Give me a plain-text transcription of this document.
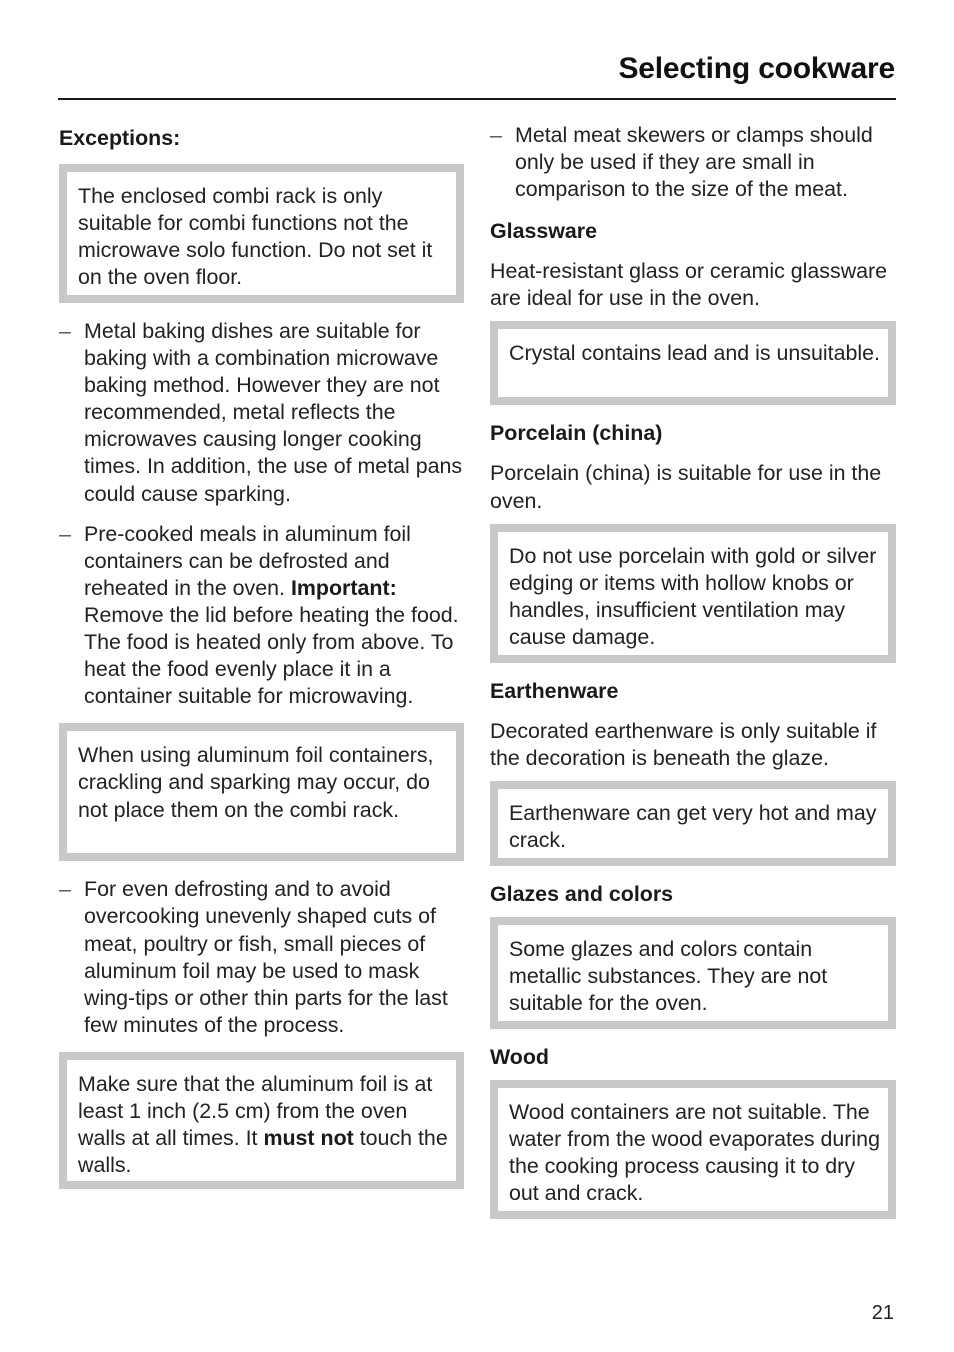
Selecting cookware
Exceptions:
The enclosed combi rack is only suitable for combi functions not the microwave solo function. Do not set it on the oven floor.
– Metal baking dishes are suitable for baking with a combination microwave baking method. However they are not recommended, metal reflects the microwaves causing longer cooking times. In addition, the use of metal pans could cause sparking.
– Pre-cooked meals in aluminum foil containers can be defrosted and reheated in the oven. Important:
Remove the lid before heating the food.
The food is heated only from above. To heat the food evenly place it in a container suitable for microwaving.
When using aluminum foil containers, crackling and sparking may occur, do not place them on the combi rack.
– For even defrosting and to avoid overcooking unevenly shaped cuts of meat, poultry or fish, small pieces of aluminum foil may be used to mask wing-tips or other thin parts for the last few minutes of the process.
Make sure that the aluminum foil is at least 1 inch (2.5 cm) from the oven walls at all times. It must not touch the walls.
– Metal meat skewers or clamps should only be used if they are small in comparison to the size of the meat.
Glassware

Heat-resistant glass or ceramic glassware are ideal for use in the oven.

Crystal contains lead and is unsuitable.
Porcelain (china)

Porcelain (china) is suitable for use in the oven.

Do not use porcelain with gold or silver edging or items with hollow knobs or handles, insufficient ventilation may cause damage.
Earthenware

Decorated earthenware is only suitable if the decoration is beneath the glaze.

Earthenware can get very hot and may crack.
Glazes and colors
Some glazes and colors contain metallic substances. They are not suitable for the oven.
Wood
Wood containers are not suitable. The water from the wood evaporates during the cooking process causing it to dry out and crack.
21
